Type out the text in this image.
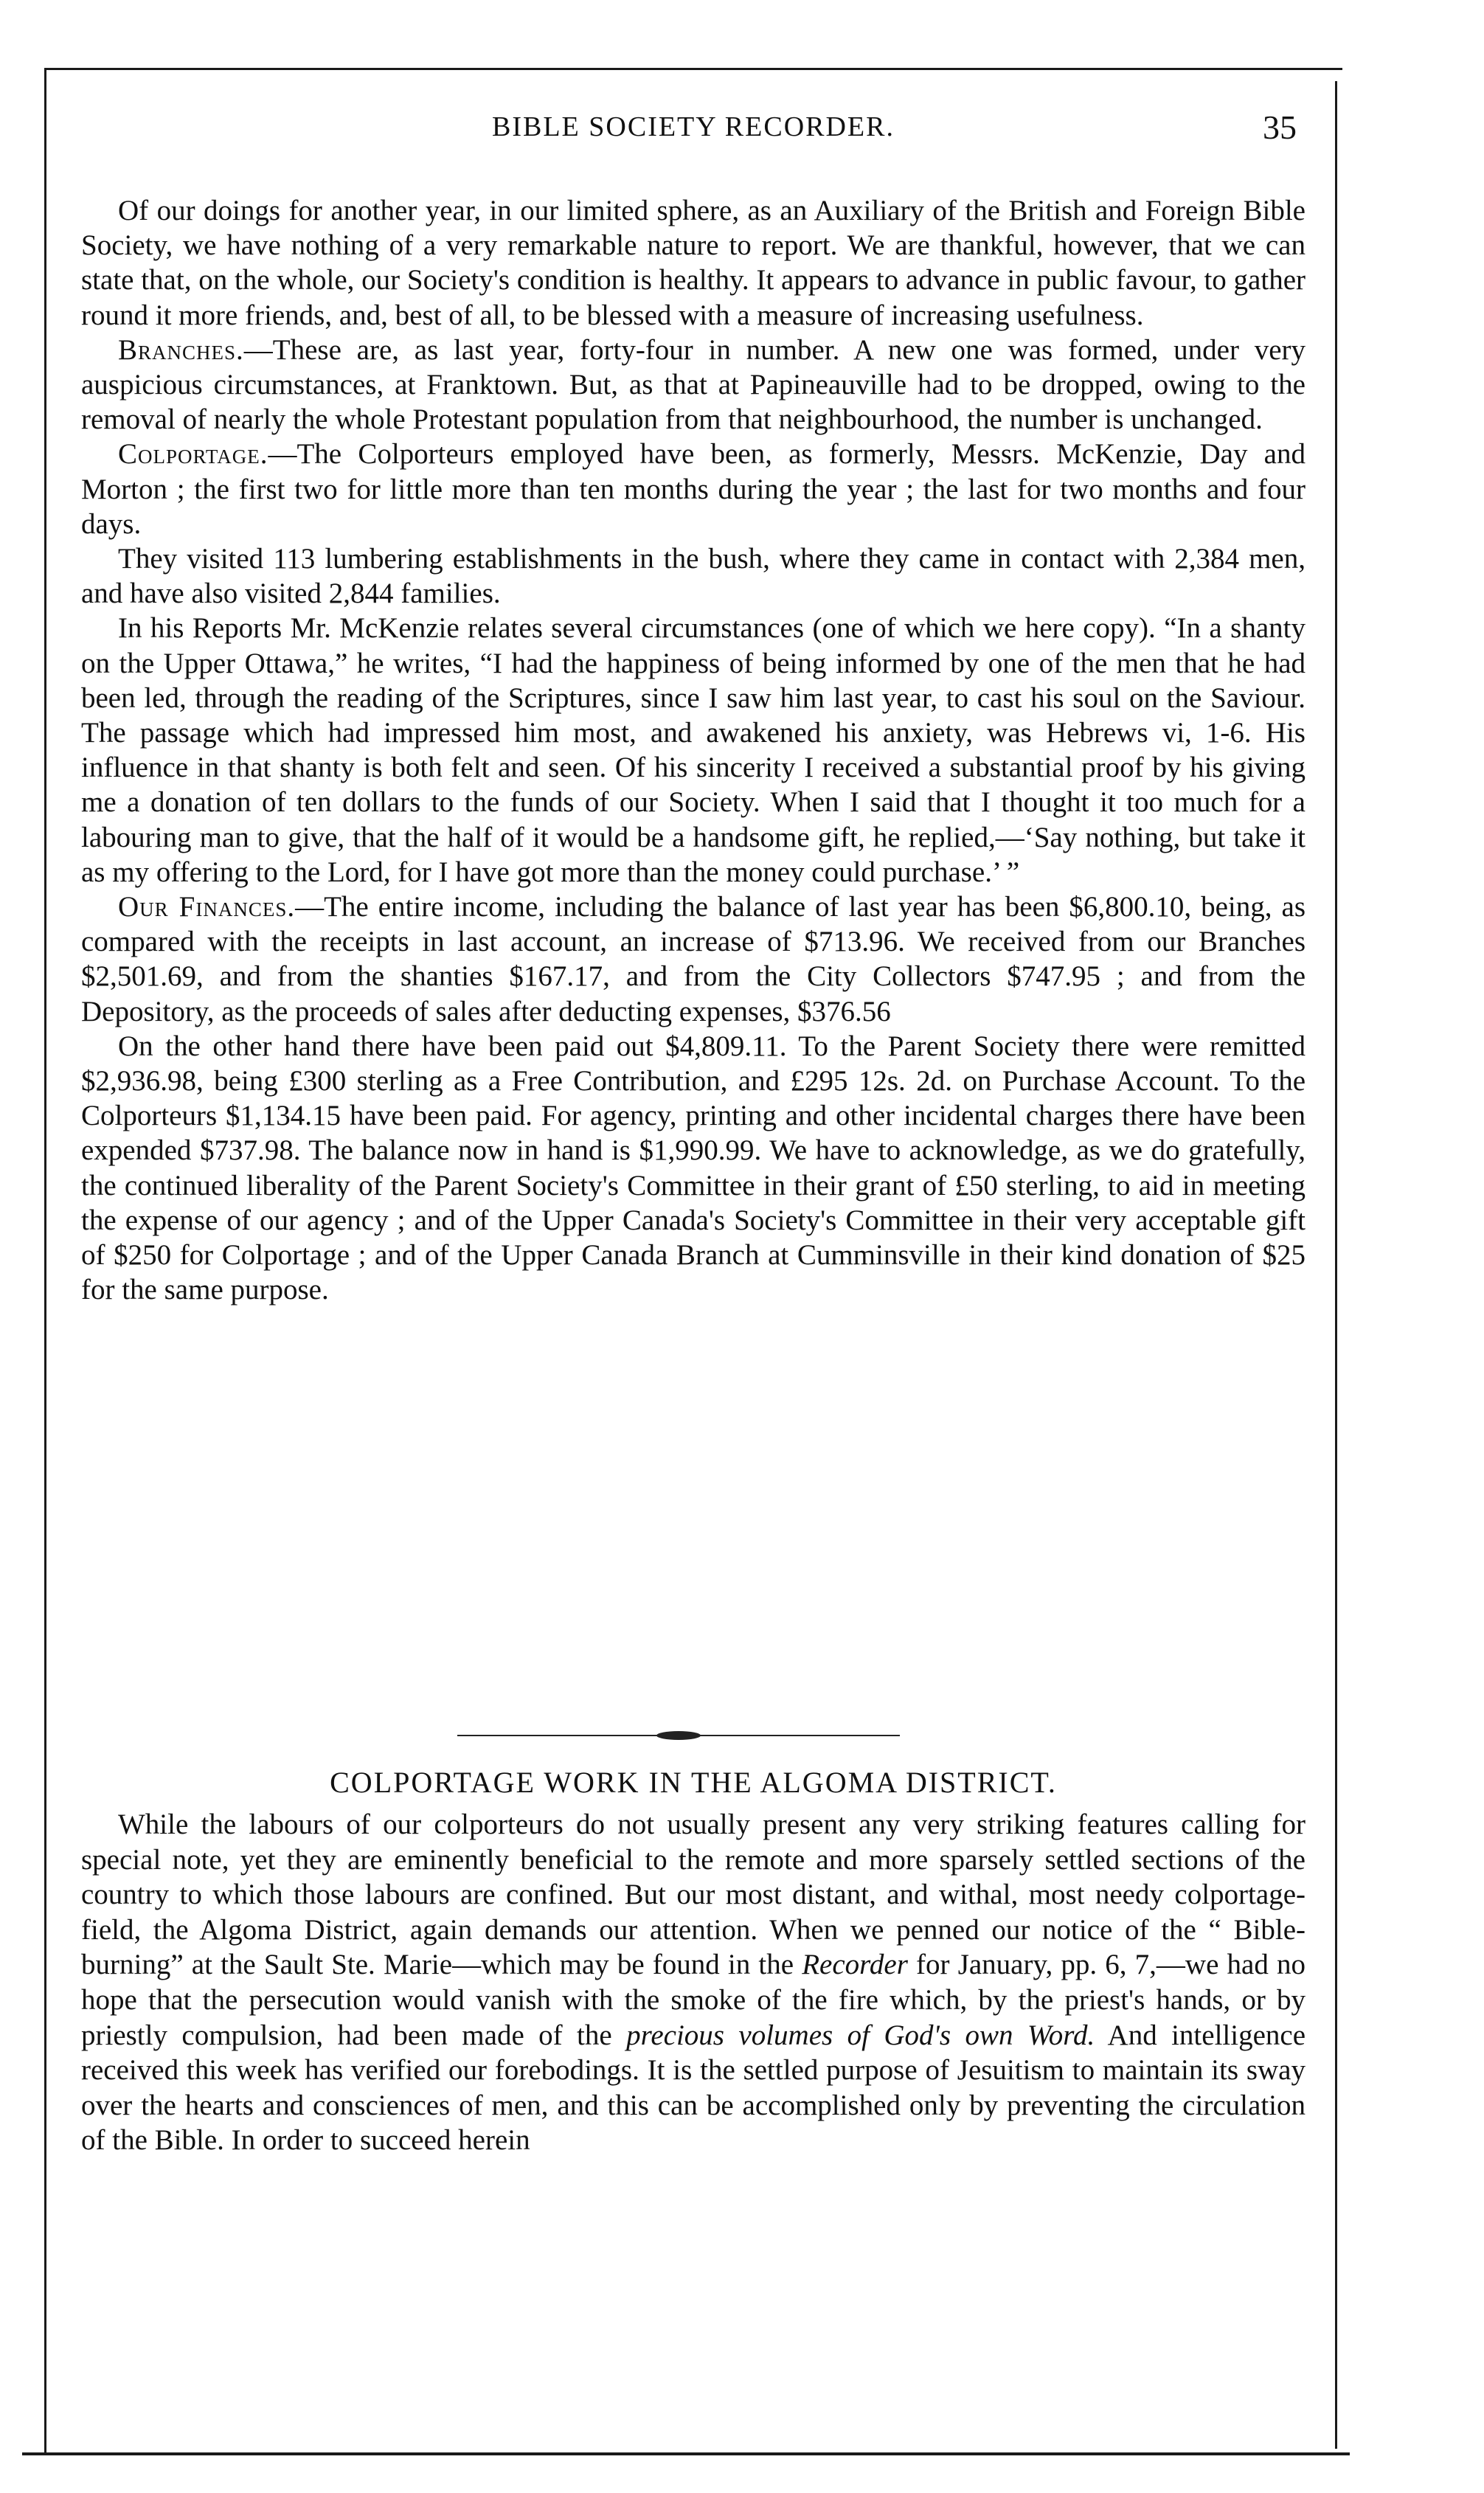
BIBLE SOCIETY RECORDER.	35

Of our doings for another year, in our limited sphere, as an Auxiliary of the British and Foreign Bible Society, we have nothing of a very remarkable nature to report. We are thankful, however, that we can state that, on the whole, our Society's condition is healthy. It appears to advance in public favour, to gather round it more friends, and, best of all, to be blessed with a measure of increasing usefulness.

Branches.—These are, as last year, forty-four in number. A new one was formed, under very auspicious circumstances, at Franktown. But, as that at Papineauville had to be dropped, owing to the removal of nearly the whole Protestant population from that neighbourhood, the number is unchanged.

Colportage.—The Colporteurs employed have been, as formerly, Messrs. McKenzie, Day and Morton ; the first two for little more than ten months during the year ; the last for two months and four days.

They visited 113 lumbering establishments in the bush, where they came in contact with 2,384 men, and have also visited 2,844 families.

In his Reports Mr. McKenzie relates several circumstances (one of which we here copy). “In a shanty on the Upper Ottawa,” he writes, “I had the happiness of being informed by one of the men that he had been led, through the reading of the Scriptures, since I saw him last year, to cast his soul on the Saviour. The passage which had impressed him most, and awakened his anxiety, was Hebrews vi, 1-6. His influence in that shanty is both felt and seen. Of his sincerity I received a substantial proof by his giving me a donation of ten dollars to the funds of our Society. When I said that I thought it too much for a labouring man to give, that the half of it would be a handsome gift, he replied,—‘Say nothing, but take it as my offering to the Lord, for I have got more than the money could purchase.’ ”

Our Finances.—The entire income, including the balance of last year has been $6,800.10, being, as compared with the receipts in last account, an increase of $713.96. We received from our Branches $2,501.69, and from the shanties $167.17, and from the City Collectors $747.95 ; and from the Depository, as the proceeds of sales after deducting expenses, $376.56

On the other hand there have been paid out $4,809.11. To the Parent Society there were remitted $2,936.98, being £300 sterling as a Free Contribution, and £295 12s. 2d. on Purchase Account. To the Colporteurs $1,134.15 have been paid. For agency, printing and other incidental charges there have been expended $737.98. The balance now in hand is $1,990.99. We have to acknowledge, as we do gratefully, the continued liberality of the Parent Society's Committee in their grant of £50 sterling, to aid in meeting the expense of our agency ; and of the Upper Canada's Society's Committee in their very acceptable gift of $250 for Colportage ; and of the Upper Canada Branch at Cumminsville in their kind donation of $25 for the same purpose.

COLPORTAGE WORK IN THE ALGOMA DISTRICT.

While the labours of our colporteurs do not usually present any very striking features calling for special note, yet they are eminently beneficial to the remote and more sparsely settled sections of the country to which those labours are confined. But our most distant, and withal, most needy colportage-field, the Algoma District, again demands our attention. When we penned our notice of the “ Bible-burning” at the Sault Ste. Marie—which may be found in the Recorder for January, pp. 6, 7,—we had no hope that the persecution would vanish with the smoke of the fire which, by the priest's hands, or by priestly compulsion, had been made of the precious volumes of God's own Word. And intelligence received this week has verified our forebodings. It is the settled purpose of Jesuitism to maintain its sway over the hearts and consciences of men, and this can be accomplished only by preventing the circulation of the Bible. In order to succeed herein
